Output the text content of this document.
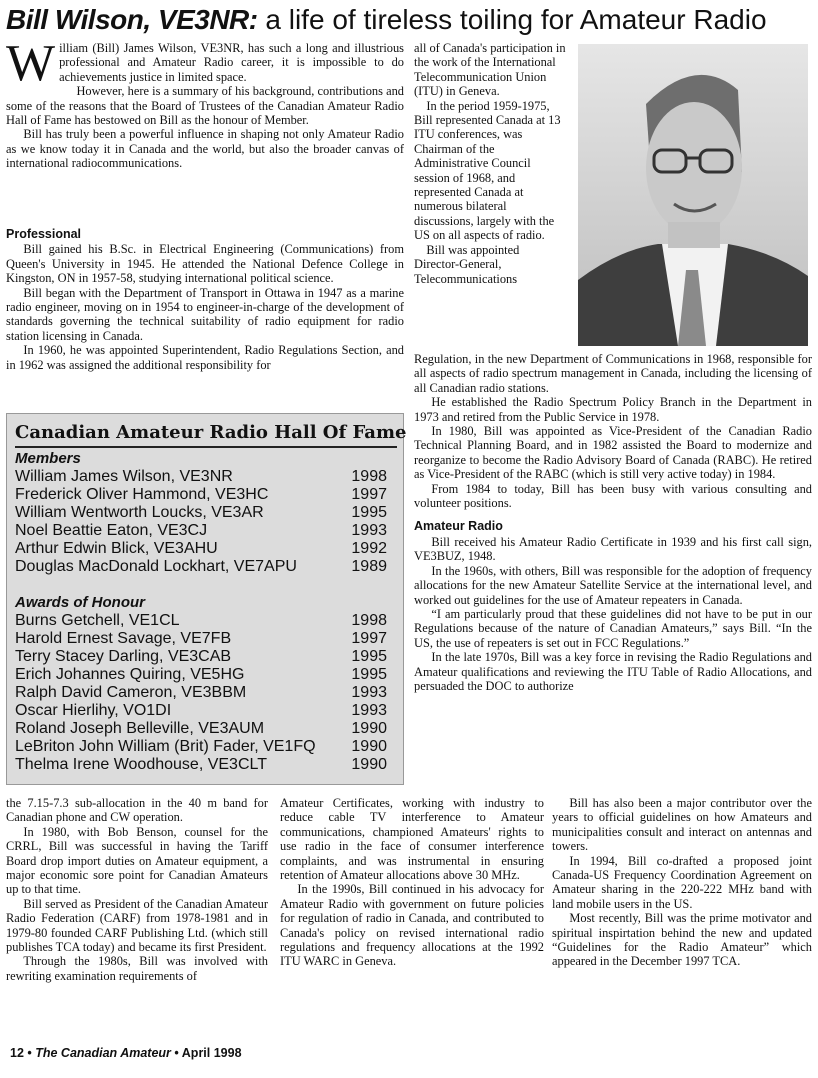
Bill Wilson, VE3NR: a life of tireless toiling for Amateur Radio
W illiam (Bill) James Wilson, VE3NR, has such a long and illustrious professional and Amateur Radio career, it is impossible to do achievements justice in limited space.

However, here is a summary of his background, contributions and some of the reasons that the Board of Trustees of the Canadian Amateur Radio Hall of Fame has bestowed on Bill as the honour of Member.

Bill has truly been a powerful influence in shaping not only Amateur Radio as we know today it in Canada and the world, but also the broader canvas of international radiocommunications.

Professional

Bill gained his B.Sc. in Electrical Engineering (Communications) from Queen's University in 1945. He attended the National Defence College in Kingston, ON in 1957-58, studying international political science.

Bill began with the Department of Transport in Ottawa in 1947 as a marine radio engineer, moving on in 1954 to engineer-in-charge of the development of standards governing the technical suitability of radio equipment for radio station licensing in Canada.

In 1960, he was appointed Superintendent, Radio Regulations Section, and in 1962 was assigned the additional responsibility for

all of Canada's participation in the work of the International Telecommunication Union (ITU) in Geneva.

In the period 1959-1975, Bill represented Canada at 13 ITU conferences, was Chairman of the Administrative Council session of 1968, and represented Canada at numerous bilateral discussions, largely with the US on all aspects of radio.

Bill was appointed Director-General, Telecommunications

Regulation, in the new Department of Communications in 1968, responsible for all aspects of radio spectrum management in Canada, including the licensing of all Canadian radio stations.

He established the Radio Spectrum Policy Branch in the Department in 1973 and retired from the Public Service in 1978.

In 1980, Bill was appointed as Vice-President of the Canadian Radio Technical Planning Board, and in 1982 assisted the Board to modernize and reorganize to become the Radio Advisory Board of Canada (RABC). He retired as Vice-President of the RABC (which is still very active today) in 1984.

From 1984 to today, Bill has been busy with various consulting and volunteer positions.

Amateur Radio

Bill received his Amateur Radio Certificate in 1939 and his first call sign, VE3BUZ, 1948.

In the 1960s, with others, Bill was responsible for the adoption of frequency allocations for the new Amateur Satellite Service at the international level, and worked out guidelines for the use of Amateur repeaters in Canada.

“I am particularly proud that these guidelines did not have to be put in our Regulations because of the nature of Canadian Amateurs,” says Bill. “In the US, the use of repeaters is set out in FCC Regulations.”

In the late 1970s, Bill was a key force in revising the Radio Regulations and Amateur qualifications and reviewing the ITU Table of Radio Allocations, and persuaded the DOC to authorize

Canadian Amateur Radio Hall Of Fame
Members
William James Wilson, VE3NR	1998
Frederick Oliver Hammond, VE3HC	1997
William Wentworth Loucks, VE3AR	1995
Noel Beattie Eaton, VE3CJ	1993
Arthur Edwin Blick, VE3AHU	1992
Douglas MacDonald Lockhart, VE7APU	1989
Awards of Honour
Burns Getchell, VE1CL	1998
Harold Ernest Savage, VE7FB	1997
Terry Stacey Darling, VE3CAB	1995
Erich Johannes Quiring, VE5HG	1995
Ralph David Cameron, VE3BBM	1993
Oscar Hierlihy, VO1DI	1993
Roland Joseph Belleville, VE3AUM	1990
LeBriton John William (Brit) Fader, VE1FQ 1990
Thelma Irene Woodhouse, VE3CLT	1990

the 7.15-7.3 sub-allocation in the 40 m band for Canadian phone and CW operation.

In 1980, with Bob Benson, counsel for the CRRL, Bill was successful in having the Tariff Board drop import duties on Amateur equipment, a major economic sore point for Canadian Amateurs up to that time.

Bill served as President of the Canadian Amateur Radio Federation (CARF) from 1978-1981 and in 1979-80 founded CARF Publishing Ltd. (which still publishes TCA today) and became its first President.

Through the 1980s, Bill was involved with rewriting examination requirements of

Amateur Certificates, working with industry to reduce cable TV interference to Amateur communications, championed Amateurs' rights to use radio in the face of consumer interference complaints, and was instrumental in ensuring retention of Amateur allocations above 30 MHz.

In the 1990s, Bill continued in his advocacy for Amateur Radio with government on future policies for regulation of radio in Canada, and contributed to Canada's policy on revised international radio regulations and frequency allocations at the 1992 ITU WARC in Geneva.

Bill has also been a major contributor over the years to official guidelines on how Amateurs and municipalities consult and interact on antennas and towers.

In 1994, Bill co-drafted a proposed joint Canada-US Frequency Coordination Agreement on Amateur sharing in the 220-222 MHz band with land mobile users in the US.

Most recently, Bill was the prime motivator and spiritual inspirtation behind the new and updated “Guidelines for the Radio Amateur” which appeared in the December 1997 TCA.

12 • The Canadian Amateur • April 1998
